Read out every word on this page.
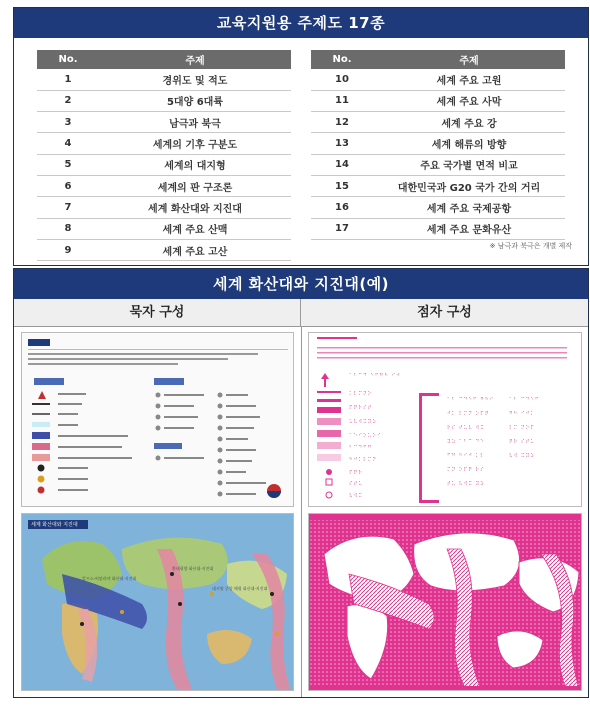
교육지원용 주제도 17종
No.	주제
1	경위도 및 적도
2	5대양 6대륙
3	남극과 북극
4	세계의 기후 구분도
5	세계의 대지형
6	세계의 판 구조론
7	세계 화산대와 지진대
8	세계 주요 산맥
9	세계 주요 고산
No.	주제
10	세계 주요 고원
11	세계 주요 사막
12	세계 주요 강
13	세계 해류의 방향
14	주요 국가별 면적 비교
15	대한민국과 G20 국가 간의 거리
16	세계 주요 국제공항
17	세계 주요 문화유산
※ 남극과 북극은 개별 제작
세계 화산대와 지진대(예)
묵자 구성	점자 구성
세계 화산대와 지진대
알프스-히말라야 화산대·지진대
환태평양 화산대·지진대
대서양 중앙 해령 화산대·지진대
⠁⠃⠉⠙ ⠑⠋⠛⠓ ⠊⠚
⠅⠇⠍⠝⠕
⠏⠟⠗⠎⠞
⠥⠧⠺⠭⠽⠵
⠁⠑⠊⠕⠥⠕⠊
⠃⠉⠙⠋⠛
⠓⠚⠅⠇⠍⠝
⠏⠟⠗
⠎⠞⠥
⠧⠺⠭
⠁⠃ ⠉⠙⠑⠋ ⠛⠓⠊
⠚⠅ ⠇⠍⠝ ⠕⠏⠟
⠗⠎ ⠞⠥⠧ ⠺⠭
⠽⠵ ⠁⠃⠉ ⠙⠑
⠋⠛ ⠓⠊⠚ ⠅⠇
⠍⠝ ⠕⠏⠟ ⠗⠎
⠞⠥ ⠧⠺⠭ ⠽⠵
⠁⠃ ⠉⠙⠑⠋
⠛⠓ ⠊⠚⠅
⠇⠍ ⠝⠕⠏
⠟⠗ ⠎⠞⠥
⠧⠺ ⠭⠽⠵
